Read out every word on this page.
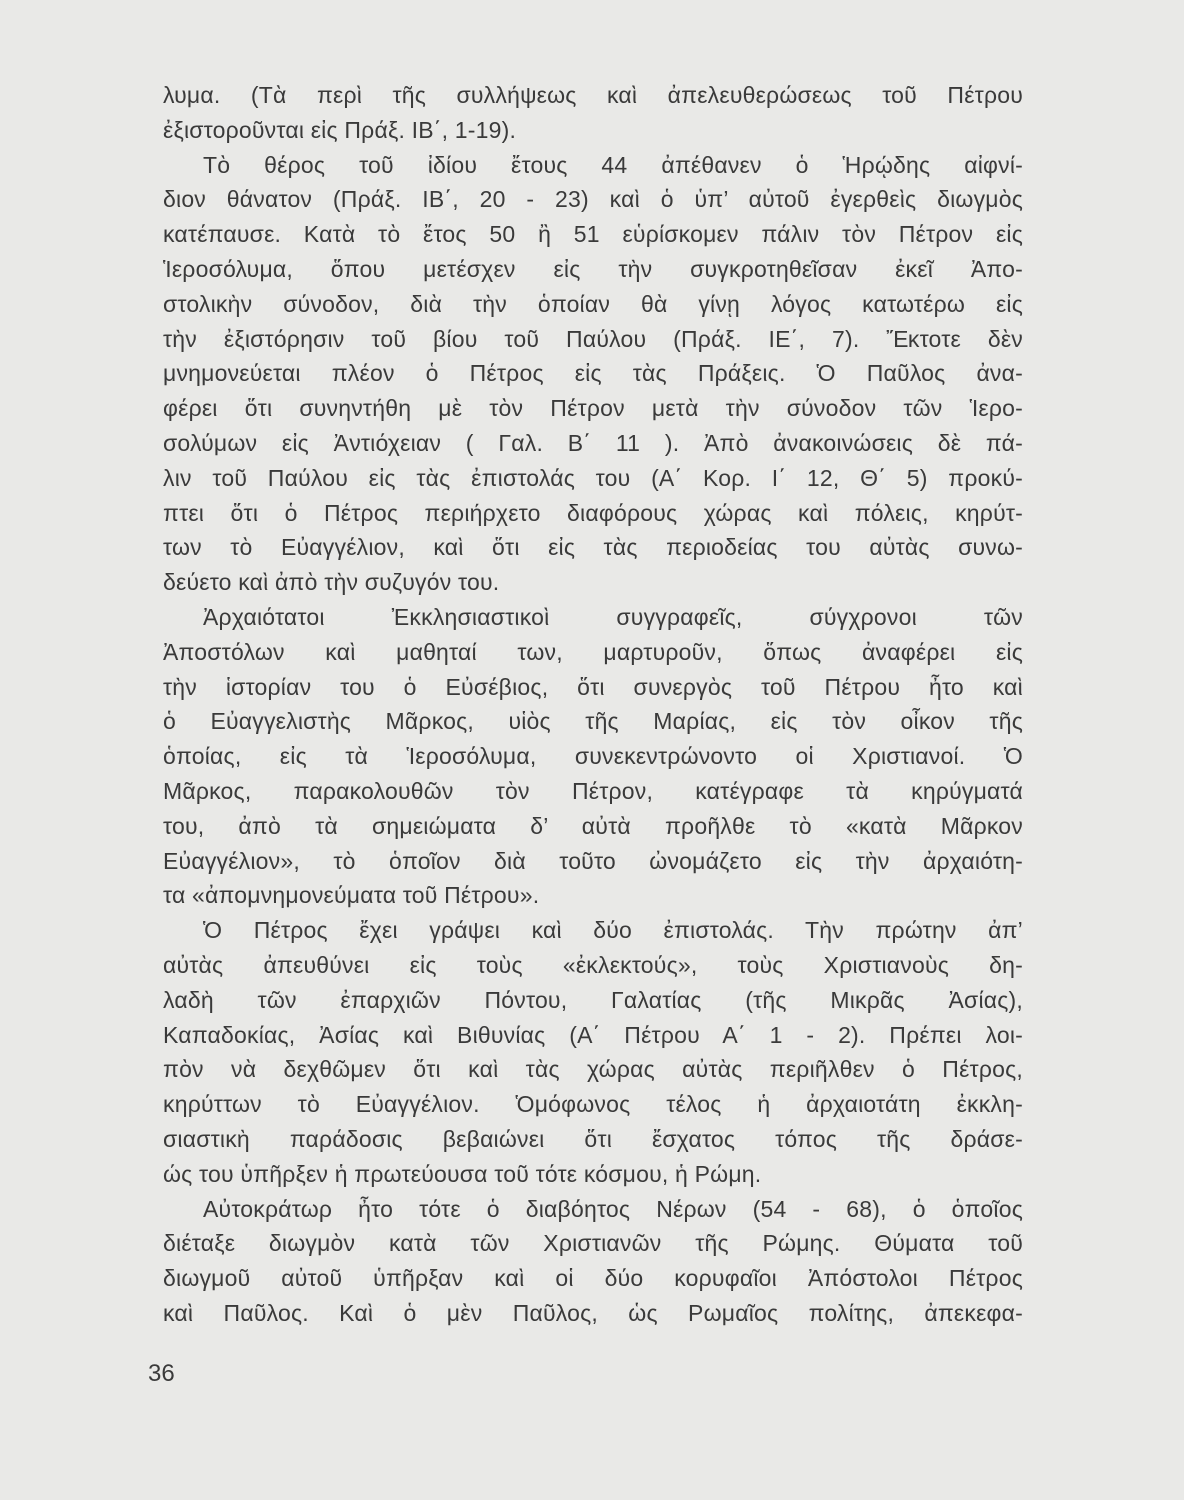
λυμα. (Τὰ περὶ τῆς συλλήψεως καὶ ἀπελευθερώσεως τοῦ Πέτρου
ἐξιστοροῦνται εἰς Πράξ. ΙΒ΄, 1-19).
Τὸ θέρος τοῦ ἰδίου ἔτους 44 ἀπέθανεν ὁ Ἡρῴδης αἰφνί-
διον θάνατον (Πράξ. ΙΒ΄, 20 - 23) καὶ ὁ ὑπ’ αὐτοῦ ἐγερθεὶς διωγμὸς
κατέπαυσε. Κατὰ τὸ ἔτος 50 ἢ 51 εὑρίσκομεν πάλιν τὸν Πέτρον εἰς
Ἱεροσόλυμα, ὅπου μετέσχεν εἰς τὴν συγκροτηθεῖσαν ἐκεῖ Ἀπο-
στολικὴν σύνοδον, διὰ τὴν ὁποίαν θὰ γίνῃ λόγος κατωτέρω εἰς
τὴν ἐξιστόρησιν τοῦ βίου τοῦ Παύλου (Πράξ. ΙΕ΄, 7). Ἔκτοτε δὲν
μνημονεύεται πλέον ὁ Πέτρος εἰς τὰς Πράξεις. Ὁ Παῦλος ἀνα-
φέρει ὅτι συνηντήθη μὲ τὸν Πέτρον μετὰ τὴν σύνοδον τῶν Ἱερο-
σολύμων εἰς Ἀντιόχειαν ( Γαλ. Β΄ 11 ). Ἀπὸ ἀνακοινώσεις δὲ πά-
λιν τοῦ Παύλου εἰς τὰς ἐπιστολάς του (Α΄ Κορ. Ι΄ 12, Θ΄ 5) προκύ-
πτει ὅτι ὁ Πέτρος περιήρχετο διαφόρους χώρας καὶ πόλεις, κηρύτ-
των τὸ Εὐαγγέλιον, καὶ ὅτι εἰς τὰς περιοδείας του αὐτὰς συνω-
δεύετο καὶ ἀπὸ τὴν συζυγόν του.
Ἀρχαιότατοι Ἐκκλησιαστικοὶ συγγραφεῖς, σύγχρονοι τῶν
Ἀποστόλων καὶ μαθηταί των, μαρτυροῦν, ὅπως ἀναφέρει εἰς
τὴν ἱστορίαν του ὁ Εὐσέβιος, ὅτι συνεργὸς τοῦ Πέτρου ἦτο καὶ
ὁ Εὐαγγελιστὴς Μᾶρκος, υἱὸς τῆς Μαρίας, εἰς τὸν οἶκον τῆς
ὁποίας, εἰς τὰ Ἱεροσόλυμα, συνεκεντρώνοντο οἱ Χριστιανοί. Ὁ
Μᾶρκος, παρακολουθῶν τὸν Πέτρον, κατέγραφε τὰ κηρύγματά
του, ἀπὸ τὰ σημειώματα δ’ αὐτὰ προῆλθε τὸ «κατὰ Μᾶρκον
Εὐαγγέλιον», τὸ ὁποῖον διὰ τοῦτο ὠνομάζετο εἰς τὴν ἀρχαιότη-
τα «ἀπομνημονεύματα τοῦ Πέτρου».
Ὁ Πέτρος ἔχει γράψει καὶ δύο ἐπιστολάς. Τὴν πρώτην ἀπ’
αὐτὰς ἀπευθύνει εἰς τοὺς «ἐκλεκτούς», τοὺς Χριστιανοὺς δη-
λαδὴ τῶν ἐπαρχιῶν Πόντου, Γαλατίας (τῆς Μικρᾶς Ἀσίας),
Καπαδοκίας, Ἀσίας καὶ Βιθυνίας (Α΄ Πέτρου Α΄ 1 - 2). Πρέπει λοι-
πὸν νὰ δεχθῶμεν ὅτι καὶ τὰς χώρας αὐτὰς περιῆλθεν ὁ Πέτρος,
κηρύττων τὸ Εὐαγγέλιον. Ὁμόφωνος τέλος ἡ ἀρχαιοτάτη ἐκκλη-
σιαστικὴ παράδοσις βεβαιώνει ὅτι ἔσχατος τόπος τῆς δράσε-
ώς του ὑπῆρξεν ἡ πρωτεύουσα τοῦ τότε κόσμου, ἡ Ρώμη.
Αὐτοκράτωρ ἦτο τότε ὁ διαβόητος Νέρων (54 - 68), ὁ ὁποῖος
διέταξε διωγμὸν κατὰ τῶν Χριστιανῶν τῆς Ρώμης. Θύματα τοῦ
διωγμοῦ αὐτοῦ ὑπῆρξαν καὶ οἱ δύο κορυφαῖοι Ἀπόστολοι Πέτρος
καὶ Παῦλος. Καὶ ὁ μὲν Παῦλος, ὡς Ρωμαῖος πολίτης, ἀπεκεφα-
36
